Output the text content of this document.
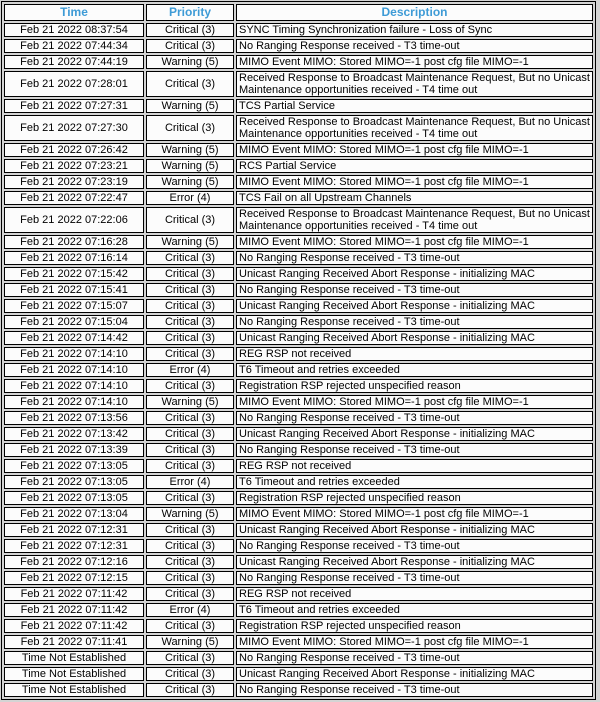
Time	Priority	Description
Feb 21 2022 08:37:54	Critical (3)	SYNC Timing Synchronization failure - Loss of Sync
Feb 21 2022 07:44:34	Critical (3)	No Ranging Response received - T3 time-out
Feb 21 2022 07:44:19	Warning (5)	MIMO Event MIMO: Stored MIMO=-1 post cfg file MIMO=-1
Feb 21 2022 07:28:01	Critical (3)	Received Response to Broadcast Maintenance Request, But no Unicast Maintenance opportunities received - T4 time out
Feb 21 2022 07:27:31	Warning (5)	TCS Partial Service
Feb 21 2022 07:27:30	Critical (3)	Received Response to Broadcast Maintenance Request, But no Unicast Maintenance opportunities received - T4 time out
Feb 21 2022 07:26:42	Warning (5)	MIMO Event MIMO: Stored MIMO=-1 post cfg file MIMO=-1
Feb 21 2022 07:23:21	Warning (5)	RCS Partial Service
Feb 21 2022 07:23:19	Warning (5)	MIMO Event MIMO: Stored MIMO=-1 post cfg file MIMO=-1
Feb 21 2022 07:22:47	Error (4)	TCS Fail on all Upstream Channels
Feb 21 2022 07:22:06	Critical (3)	Received Response to Broadcast Maintenance Request, But no Unicast Maintenance opportunities received - T4 time out
Feb 21 2022 07:16:28	Warning (5)	MIMO Event MIMO: Stored MIMO=-1 post cfg file MIMO=-1
Feb 21 2022 07:16:14	Critical (3)	No Ranging Response received - T3 time-out
Feb 21 2022 07:15:42	Critical (3)	Unicast Ranging Received Abort Response - initializing MAC
Feb 21 2022 07:15:41	Critical (3)	No Ranging Response received - T3 time-out
Feb 21 2022 07:15:07	Critical (3)	Unicast Ranging Received Abort Response - initializing MAC
Feb 21 2022 07:15:04	Critical (3)	No Ranging Response received - T3 time-out
Feb 21 2022 07:14:42	Critical (3)	Unicast Ranging Received Abort Response - initializing MAC
Feb 21 2022 07:14:10	Critical (3)	REG RSP not received
Feb 21 2022 07:14:10	Error (4)	T6 Timeout and retries exceeded
Feb 21 2022 07:14:10	Critical (3)	Registration RSP rejected unspecified reason
Feb 21 2022 07:14:10	Warning (5)	MIMO Event MIMO: Stored MIMO=-1 post cfg file MIMO=-1
Feb 21 2022 07:13:56	Critical (3)	No Ranging Response received - T3 time-out
Feb 21 2022 07:13:42	Critical (3)	Unicast Ranging Received Abort Response - initializing MAC
Feb 21 2022 07:13:39	Critical (3)	No Ranging Response received - T3 time-out
Feb 21 2022 07:13:05	Critical (3)	REG RSP not received
Feb 21 2022 07:13:05	Error (4)	T6 Timeout and retries exceeded
Feb 21 2022 07:13:05	Critical (3)	Registration RSP rejected unspecified reason
Feb 21 2022 07:13:04	Warning (5)	MIMO Event MIMO: Stored MIMO=-1 post cfg file MIMO=-1
Feb 21 2022 07:12:31	Critical (3)	Unicast Ranging Received Abort Response - initializing MAC
Feb 21 2022 07:12:31	Critical (3)	No Ranging Response received - T3 time-out
Feb 21 2022 07:12:16	Critical (3)	Unicast Ranging Received Abort Response - initializing MAC
Feb 21 2022 07:12:15	Critical (3)	No Ranging Response received - T3 time-out
Feb 21 2022 07:11:42	Critical (3)	REG RSP not received
Feb 21 2022 07:11:42	Error (4)	T6 Timeout and retries exceeded
Feb 21 2022 07:11:42	Critical (3)	Registration RSP rejected unspecified reason
Feb 21 2022 07:11:41	Warning (5)	MIMO Event MIMO: Stored MIMO=-1 post cfg file MIMO=-1
Time Not Established	Critical (3)	No Ranging Response received - T3 time-out
Time Not Established	Critical (3)	Unicast Ranging Received Abort Response - initializing MAC
Time Not Established	Critical (3)	No Ranging Response received - T3 time-out
